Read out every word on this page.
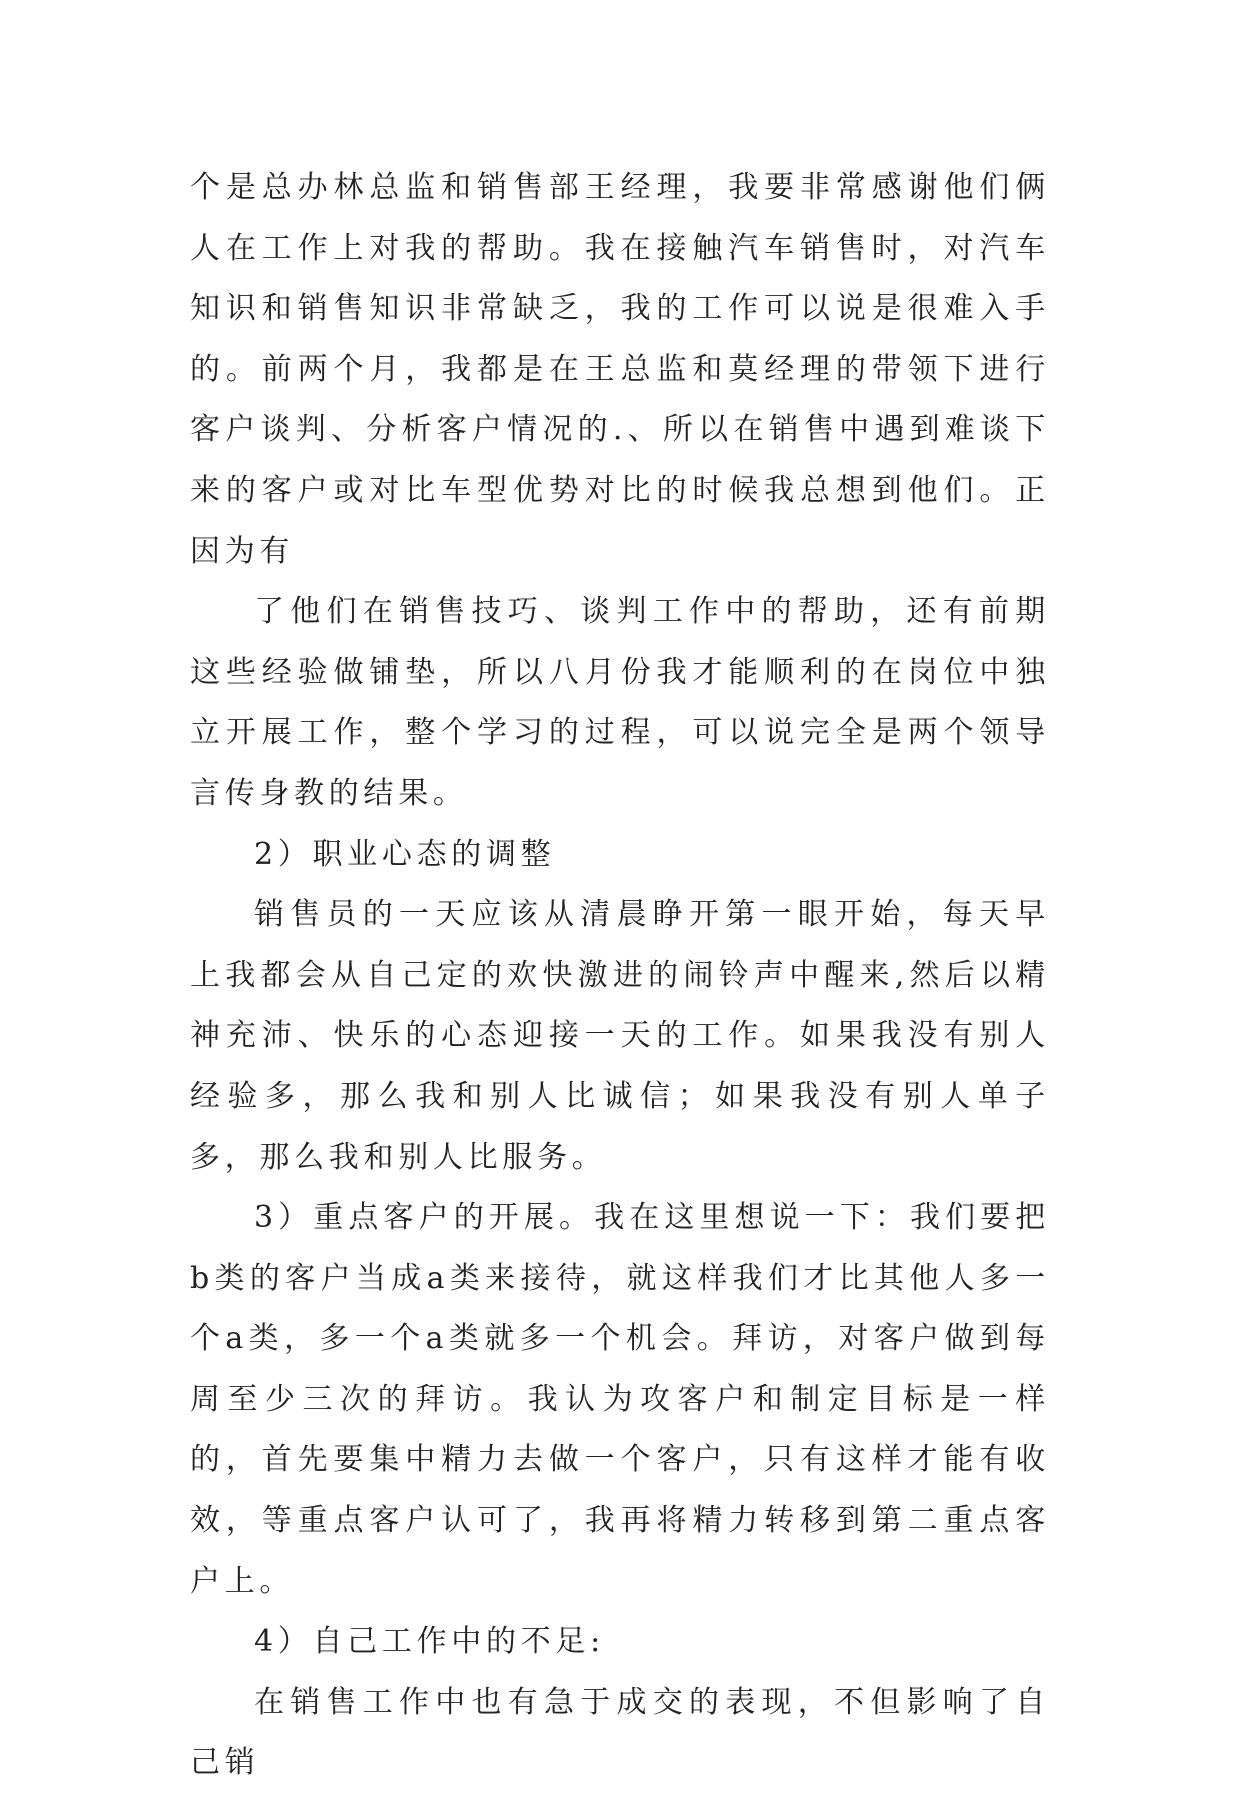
个是总办林总监和销售部王经理，我要非常感谢他们俩人在工作上对我的帮助。我在接触汽车销售时，对汽车知识和销售知识非常缺乏，我的工作可以说是很难入手的。前两个月，我都是在王总监和莫经理的带领下进行客户谈判、分析客户情况的.、所以在销售中遇到难谈下来的客户或对比车型优势对比的时候我总想到他们。正因为有

了他们在销售技巧、谈判工作中的帮助，还有前期这些经验做铺垫，所以八月份我才能顺利的在岗位中独立开展工作，整个学习的过程，可以说完全是两个领导言传身教的结果。

2）职业心态的调整

销售员的一天应该从清晨睁开第一眼开始，每天早上我都会从自己定的欢快激进的闹铃声中醒来,然后以精神充沛、快乐的心态迎接一天的工作。如果我没有别人经验多，那么我和别人比诚信；如果我没有别人单子多，那么我和别人比服务。

3）重点客户的开展。我在这里想说一下：我们要把b类的客户当成a类来接待，就这样我们才比其他人多一个a类，多一个a类就多一个机会。拜访，对客户做到每周至少三次的拜访。我认为攻客户和制定目标是一样的，首先要集中精力去做一个客户，只有这样才能有收效，等重点客户认可了，我再将精力转移到第二重点客户上。

4）自己工作中的不足:

在销售工作中也有急于成交的表现，不但影响了自己销
